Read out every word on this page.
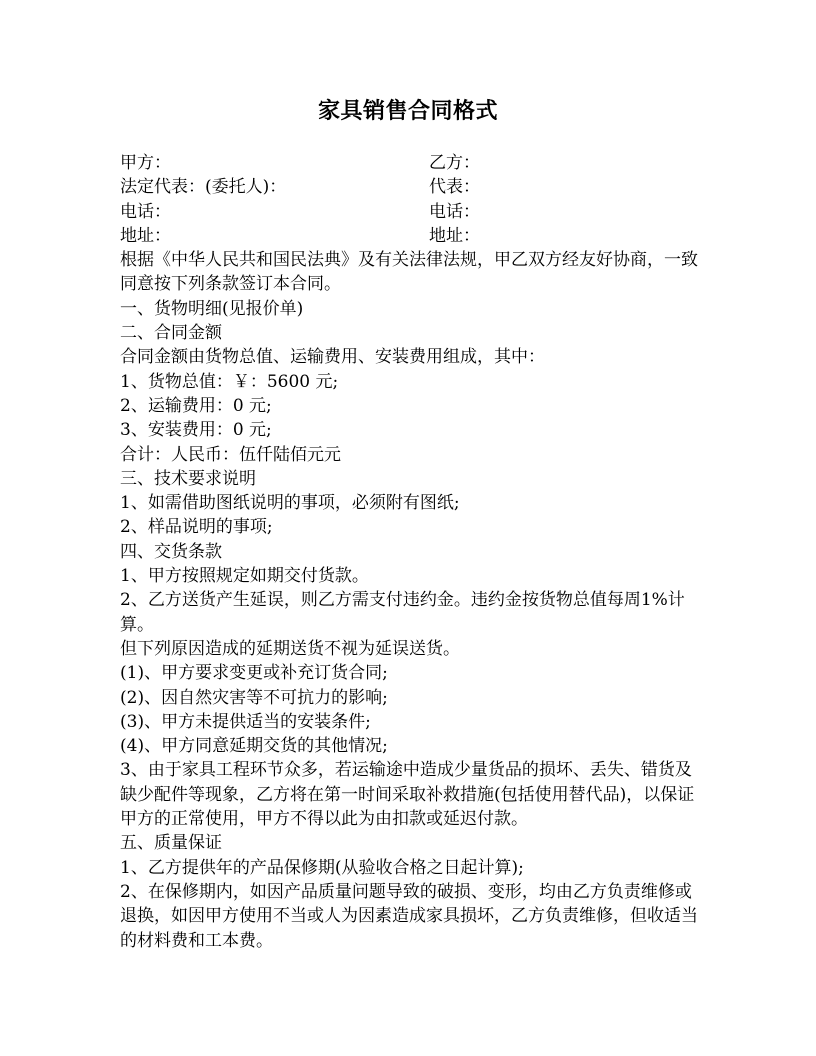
家具销售合同格式
甲方：	乙方：
法定代表：(委托人)：	代表：
电话：	电话：
地址：	地址：

根据《中华人民共和国民法典》及有关法律法规，甲乙双方经友好协商，一致同意按下列条款签订本合同。

一、货物明细(见报价单)

二、合同金额

合同金额由货物总值、运输费用、安装费用组成，其中：

1、货物总值：￥：5600 元;

2、运输费用：0 元;

3、安装费用：0 元;

合计：人民币：伍仟陆佰元元

三、技术要求说明

1、如需借助图纸说明的事项，必须附有图纸;

2、样品说明的事项;

四、交货条款

1、甲方按照规定如期交付货款。

2、乙方送货产生延误，则乙方需支付违约金。违约金按货物总值每周1%计算。

但下列原因造成的延期送货不视为延误送货。

(1)、甲方要求变更或补充订货合同;

(2)、因自然灾害等不可抗力的影响;

(3)、甲方未提供适当的安装条件;

(4)、甲方同意延期交货的其他情况;

3、由于家具工程环节众多，若运输途中造成少量货品的损坏、丢失、错货及缺少配件等现象，乙方将在第一时间采取补救措施(包括使用替代品)，以保证甲方的正常使用，甲方不得以此为由扣款或延迟付款。

五、质量保证

1、乙方提供年的产品保修期(从验收合格之日起计算);

2、在保修期内，如因产品质量问题导致的破损、变形，均由乙方负责维修或退换，如因甲方使用不当或人为因素造成家具损坏，乙方负责维修，但收适当的材料费和工本费。
